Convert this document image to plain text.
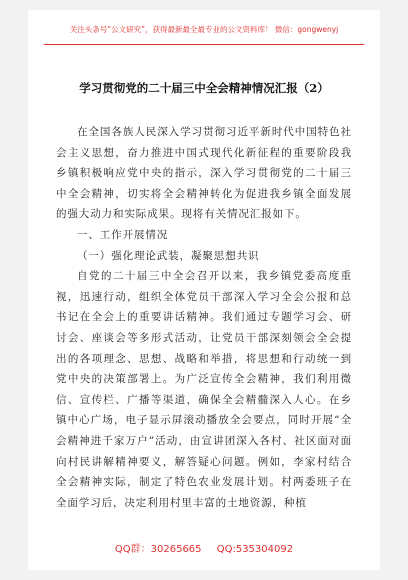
关注头条号“公文研究”，获得最新最全最专业的公文资料库！ 微信：gongwenyj
学习贯彻党的二十届三中全会精神情况汇报（2）

在全国各族人民深入学习贯彻习近平新时代中国特色社会主义思想，奋力推进中国式现代化新征程的重要阶段我乡镇积极响应党中央的指示，深入学习贯彻党的二十届三中全会精神，切实将全会精神转化为促进我乡镇全面发展的强大动力和实际成果。现将有关情况汇报如下。

一、工作开展情况

（一）强化理论武装，凝聚思想共识

自党的二十届三中全会召开以来，我乡镇党委高度重视，迅速行动，组织全体党员干部深入学习全会公报和总书记在全会上的重要讲话精神。我们通过专题学习会、研讨会、座谈会等多形式活动，让党员干部深刻领会全会提出的各项理念、思想、战略和举措，将思想和行动统一到党中央的决策部署上。为广泛宣传全会精神，我们利用微信、宣传栏、广播等渠道，确保全会精髓深入人心。在乡镇中心广场，电子显示屏滚动播放全会要点，同时开展“全会精神进千家万户”活动，由宣讲团深入各村、社区面对面向村民讲解精神要义，解答疑心问题。例如，李家村结合全会精神实际，制定了特色农业发展计划。村两委班子在全面学习后，决定利用村里丰富的土地资源，种植

QQ群：30265665 QQ:535304092
